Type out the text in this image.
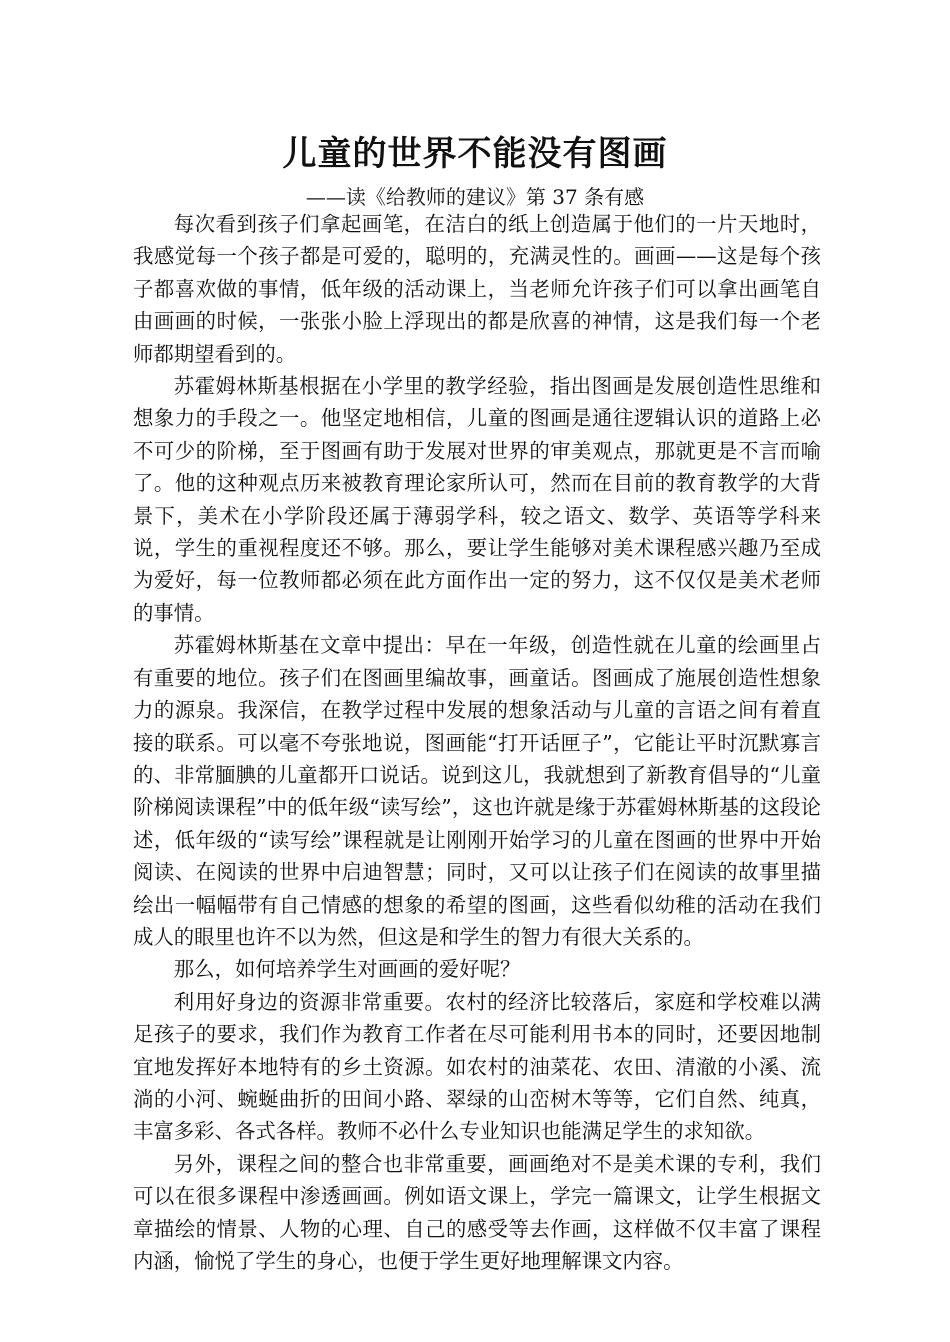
儿童的世界不能没有图画
——读《给教师的建议》第 37 条有感

每次看到孩子们拿起画笔，在洁白的纸上创造属于他们的一片天地时，我感觉每一个孩子都是可爱的，聪明的，充满灵性的。画画——这是每个孩子都喜欢做的事情，低年级的活动课上，当老师允许孩子们可以拿出画笔自由画画的时候，一张张小脸上浮现出的都是欣喜的神情，这是我们每一个老师都期望看到的。

苏霍姆林斯基根据在小学里的教学经验，指出图画是发展创造性思维和想象力的手段之一。他坚定地相信，儿童的图画是通往逻辑认识的道路上必不可少的阶梯，至于图画有助于发展对世界的审美观点，那就更是不言而喻了。他的这种观点历来被教育理论家所认可，然而在目前的教育教学的大背景下，美术在小学阶段还属于薄弱学科，较之语文、数学、英语等学科来说，学生的重视程度还不够。那么，要让学生能够对美术课程感兴趣乃至成为爱好，每一位教师都必须在此方面作出一定的努力，这不仅仅是美术老师的事情。

苏霍姆林斯基在文章中提出：早在一年级，创造性就在儿童的绘画里占有重要的地位。孩子们在图画里编故事，画童话。图画成了施展创造性想象力的源泉。我深信，在教学过程中发展的想象活动与儿童的言语之间有着直接的联系。可以毫不夸张地说，图画能“打开话匣子”，它能让平时沉默寡言的、非常腼腆的儿童都开口说话。说到这儿，我就想到了新教育倡导的“儿童阶梯阅读课程”中的低年级“读写绘”，这也许就是缘于苏霍姆林斯基的这段论述，低年级的“读写绘”课程就是让刚刚开始学习的儿童在图画的世界中开始阅读、在阅读的世界中启迪智慧；同时，又可以让孩子们在阅读的故事里描绘出一幅幅带有自己情感的想象的希望的图画，这些看似幼稚的活动在我们成人的眼里也许不以为然，但这是和学生的智力有很大关系的。

那么，如何培养学生对画画的爱好呢？

利用好身边的资源非常重要。农村的经济比较落后，家庭和学校难以满足孩子的要求，我们作为教育工作者在尽可能利用书本的同时，还要因地制宜地发挥好本地特有的乡土资源。如农村的油菜花、农田、清澈的小溪、流淌的小河、蜿蜒曲折的田间小路、翠绿的山峦树木等等，它们自然、纯真，丰富多彩、各式各样。教师不必什么专业知识也能满足学生的求知欲。

另外，课程之间的整合也非常重要，画画绝对不是美术课的专利，我们可以在很多课程中渗透画画。例如语文课上，学完一篇课文，让学生根据文章描绘的情景、人物的心理、自己的感受等去作画，这样做不仅丰富了课程内涵，愉悦了学生的身心，也便于学生更好地理解课文内容。
